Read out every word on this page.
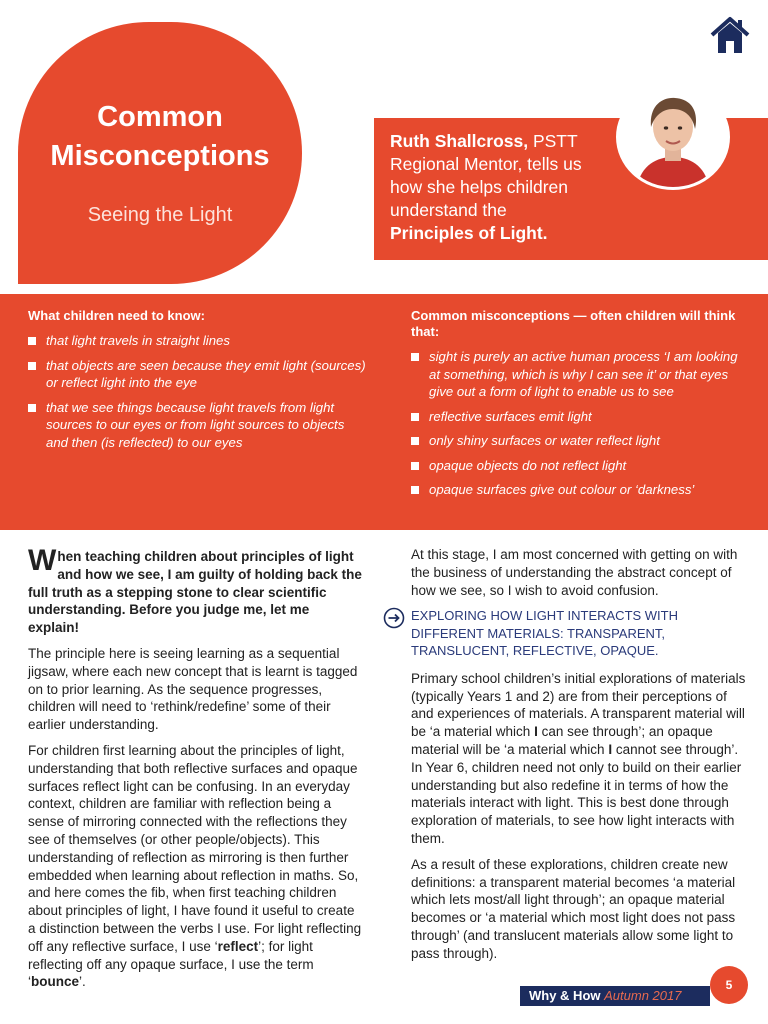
Common
Misconceptions
Seeing the Light
Ruth Shallcross, PSTT
Regional Mentor, tells us
how she helps children
understand the
Principles of Light.
What children need to know:
that light travels in straight lines
that objects are seen because they emit light (sources) or reflect light into the eye
that we see things because light travels from light sources to our eyes or from light sources to objects and then (is reflected) to our eyes
Common misconceptions — often children will think that:
sight is purely an active human process ‘I am looking at something, which is why I can see it’ or that eyes give out a form of light to enable us to see
reflective surfaces emit light
only shiny surfaces or water reflect light
opaque objects do not reflect light
opaque surfaces give out colour or ‘darkness’

When teaching children about principles of light and how we see, I am guilty of holding back the full truth as a stepping stone to clear scientific understanding. Before you judge me, let me explain!

The principle here is seeing learning as a sequential jigsaw, where each new concept that is learnt is tagged on to prior learning. As the sequence progresses, children will need to ‘rethink/redefine’ some of their earlier understanding.

For children first learning about the principles of light, understanding that both reflective surfaces and opaque surfaces reflect light can be confusing. In an everyday context, children are familiar with reflection being a sense of mirroring connected with the reflections they see of themselves (or other people/objects). This understanding of reflection as mirroring is then further embedded when learning about reflection in maths. So, and here comes the fib, when first teaching children about principles of light, I have found it useful to create a distinction between the verbs I use. For light reflecting off any reflective surface, I use ‘reflect’; for light reflecting off any opaque surface, I use the term ‘bounce’.

At this stage, I am most concerned with getting on with the business of understanding the abstract concept of how we see, so I wish to avoid confusion.

EXPLORING HOW LIGHT INTERACTS WITH DIFFERENT MATERIALS: TRANSPARENT, TRANSLUCENT, REFLECTIVE, OPAQUE.

Primary school children’s initial explorations of materials (typically Years 1 and 2) are from their perceptions of and experiences of materials. A transparent material will be ‘a material which I can see through’; an opaque material will be ‘a material which I cannot see through’. In Year 6, children need not only to build on their earlier understanding but also redefine it in terms of how the materials interact with light. This is best done through exploration of materials, to see how light interacts with them.

As a result of these explorations, children create new definitions: a transparent material becomes ‘a material which lets most/all light through’; an opaque material becomes or ‘a material which most light does not pass through’ (and translucent materials allow some light to pass through).

Why & How Autumn 2017
5
